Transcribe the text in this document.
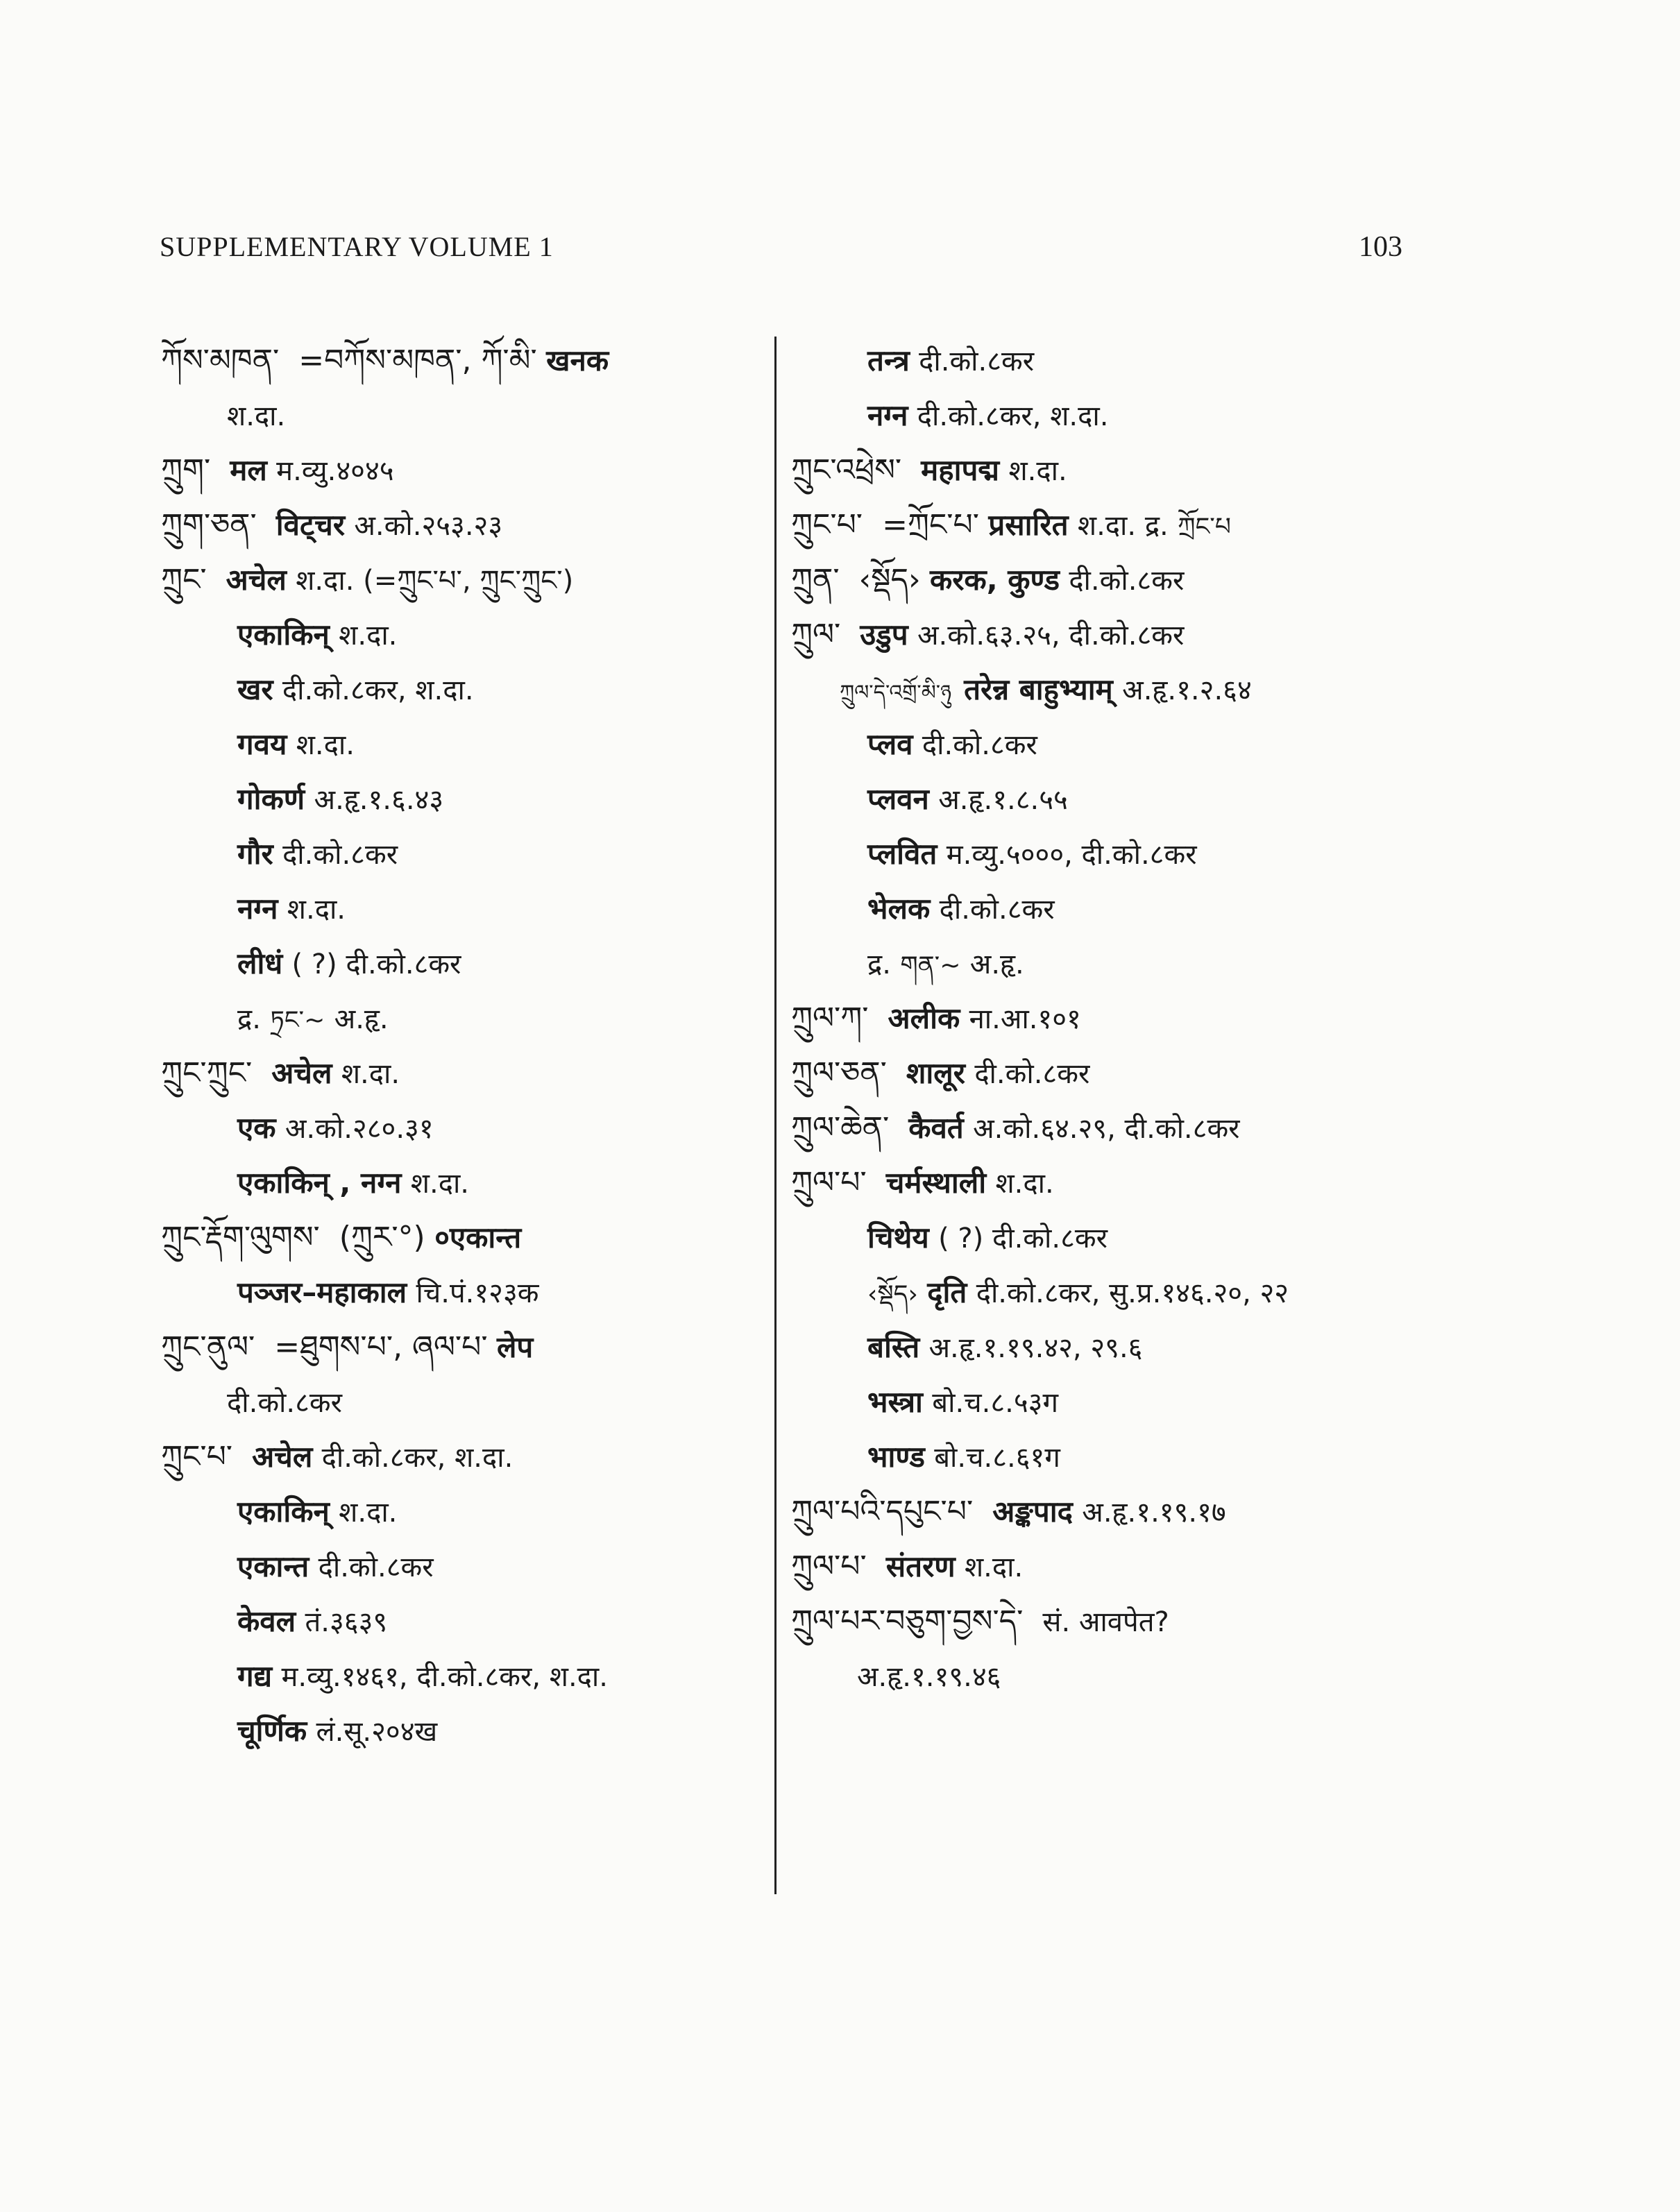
SUPPLEMENTARY VOLUME 1	103
ཀོས་མཁན་ =བཀོས་མཁན་, ཀོ་མི་ खनक
श.दा.
ཀྲུག་ मल म.व्यु.४०४५
ཀྲུག་ཅན་ विट्चर अ.को.२५३.२३
ཀྲུང་ अचेल श.दा. (=ཀྲུང་པ་, ཀྲུང་ཀྲུང་)
एकाकिन् श.दा.
खर दी.को.८कर, श.दा.
गवय श.दा.
गोकर्ण अ.हृ.१.६.४३
गौर दी.को.८कर
नग्न श.दा.
लीधं ( ?) दी.को.८कर
द्र. ཏྲང་~ अ.हृ.
ཀྲུང་ཀྲུང་ अचेल श.दा.
एक अ.को.२८०.३१
एकाकिन् , नग्न श.दा.
ཀྲུང་རྡོག་ལུགས་ (ཀྲུར་°) ०एकान्त
पञ्जर–महाकाल चि.पं.१२३क
ཀྲུང་ནུལ་ =ཐུགས་པ་, ཞལ་པ་ लेप
दी.को.८कर
ཀྲུང་པ་ अचेल दी.को.८कर, श.दा.
एकाकिन् श.दा.
एकान्त दी.को.८कर
केवल तं.३६३९
गद्य म.व्यु.१४६१, दी.को.८कर, श.दा.
चूर्णिक लं.सू.२०४ख
तन्त्र दी.को.८कर
नग्न दी.को.८कर, श.दा.
ཀྲུང་འཕྲེས་ महापद्म श.दा.
ཀྲུང་པ་ =ཀྲོང་པ་ प्रसारित श.दा. द्र. ཀྲོང་པ
ཀྲུན་ ‹སྡོད› करक, कुण्ड दी.को.८कर
ཀྲུལ་ उडुप अ.को.६३.२५, दी.को.८कर
ཀྲུལ་དེ་འགྲོ་མི་ཉུ तरेन्न बाहुभ्याम् अ.हृ.१.२.६४
प्लव दी.को.८कर
प्लवन अ.हृ.१.८.५५
प्लवित म.व्यु.५०००, दी.को.८कर
भेलक दी.को.८कर
द्र. གན་~ अ.हृ.
ཀྲུལ་ཀ་ अलीक ना.आ.१०१
ཀྲུལ་ཅན་ शालूर दी.को.८कर
ཀྲུལ་ཆེན་ कैवर्त अ.को.६४.२९, दी.को.८कर
ཀྲུལ་པ་ चर्मस्थाली श.दा.
चिथेय ( ?) दी.को.८कर
‹སྡོད› दृति दी.को.८कर, सु.प्र.१४६.२०, २२
बस्ति अ.हृ.१.१९.४२, २९.६
भस्त्रा बो.च.८.५३ग
भाण्ड बो.च.८.६१ग
ཀྲུལ་པའི་དཔུང་པ་ अङ्कपाद अ.हृ.१.१९.१७
ཀྲུལ་པ་ संतरण श.दा.
ཀྲུལ་པར་བཅུག་བྱས་དེ་ सं. आवपेत?
अ.हृ.१.१९.४६
